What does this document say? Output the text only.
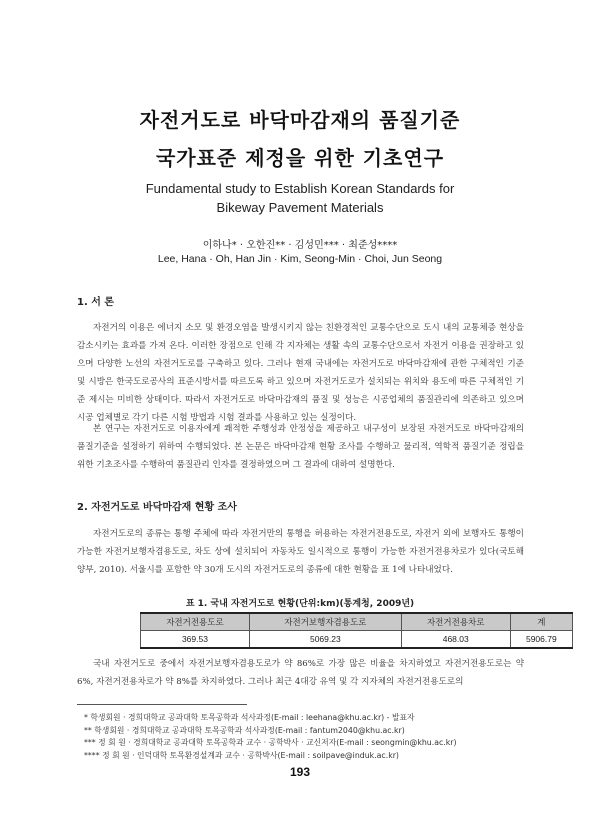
자전거도로 바닥마감재의 품질기준
국가표준 제정을 위한 기초연구
Fundamental study to Establish Korean Standards for
Bikeway Pavement Materials
이하나* · 오한진** · 김성민*** · 최준성****
Lee, Hana · Oh, Han Jin · Kim, Seong-Min · Choi, Jun Seong
1. 서 론

자전거의 이용은 에너지 소모 및 환경오염을 발생시키지 않는 친환경적인 교통수단으로 도시 내의 교통체증 현상을 감소시키는 효과를 가져 온다. 이러한 장점으로 인해 각 지자체는 생활 속의 교통수단으로서 자전거 이용을 권장하고 있으며 다양한 노선의 자전거도로를 구축하고 있다. 그러나 현재 국내에는 자전거도로 바닥마감재에 관한 구체적인 기준 및 시방은 한국도로공사의 표준시방서를 따르도록 하고 있으며 자전거도로가 설치되는 위치와 용도에 따른 구체적인 기준 제시는 미비한 상태이다. 따라서 자전거도로 바닥마감재의 품질 및 성능은 시공업체의 품질관리에 의존하고 있으며 시공 업체별로 각기 다른 시험 방법과 시험 결과를 사용하고 있는 실정이다.

본 연구는 자전거도로 이용자에게 쾌적한 주행성과 안정성을 제공하고 내구성이 보장된 자전거도로 바닥마감재의 품질기준을 설정하기 위하여 수행되었다. 본 논문은 바닥마감재 현황 조사를 수행하고 물리적, 역학적 품질기준 정립을 위한 기초조사를 수행하여 품질관리 인자를 결정하였으며 그 결과에 대하여 설명한다.

2. 자전거도로 바닥마감재 현황 조사

자전거도로의 종류는 통행 주체에 따라 자전거만의 통행을 허용하는 자전거전용도로, 자전거 외에 보행자도 통행이 가능한 자전거보행자겸용도로, 차도 상에 설치되어 자동차도 일시적으로 통행이 가능한 자전거전용차로가 있다(국토해양부, 2010). 서울시를 포함한 약 30개 도시의 자전거도로의 종류에 대한 현황을 표 1에 나타내었다.

표 1. 국내 자전거도로 현황(단위:km)(통계청, 2009년)
자전거전용도로	자전거보행자겸용도로	자전거전용차로	계
369.53	5069.23	468.03	5906.79

국내 자전거도로 중에서 자전거보행자겸용도로가 약 86%로 가장 많은 비율을 차지하였고 자전거전용도로는 약 6%, 자전거전용차로가 약 8%를 차지하였다. 그러나 최근 4대강 유역 및 각 지자체의 자전거전용도로의

* 학생회원 · 경희대학교 공과대학 토목공학과 석사과정(E-mail : leehana@khu.ac.kr) - 발표자
** 학생회원 · 경희대학교 공과대학 토목공학과 석사과정(E-mail : fantum2040@khu.ac.kr)
*** 정 회 원 · 경희대학교 공과대학 토목공학과 교수 · 공학박사 · 교신저자(E-mail : seongmin@khu.ac.kr)
**** 정 회 원 · 인덕대학 토목환경설계과 교수 · 공학박사(E-mail : soilpave@induk.ac.kr)
193
